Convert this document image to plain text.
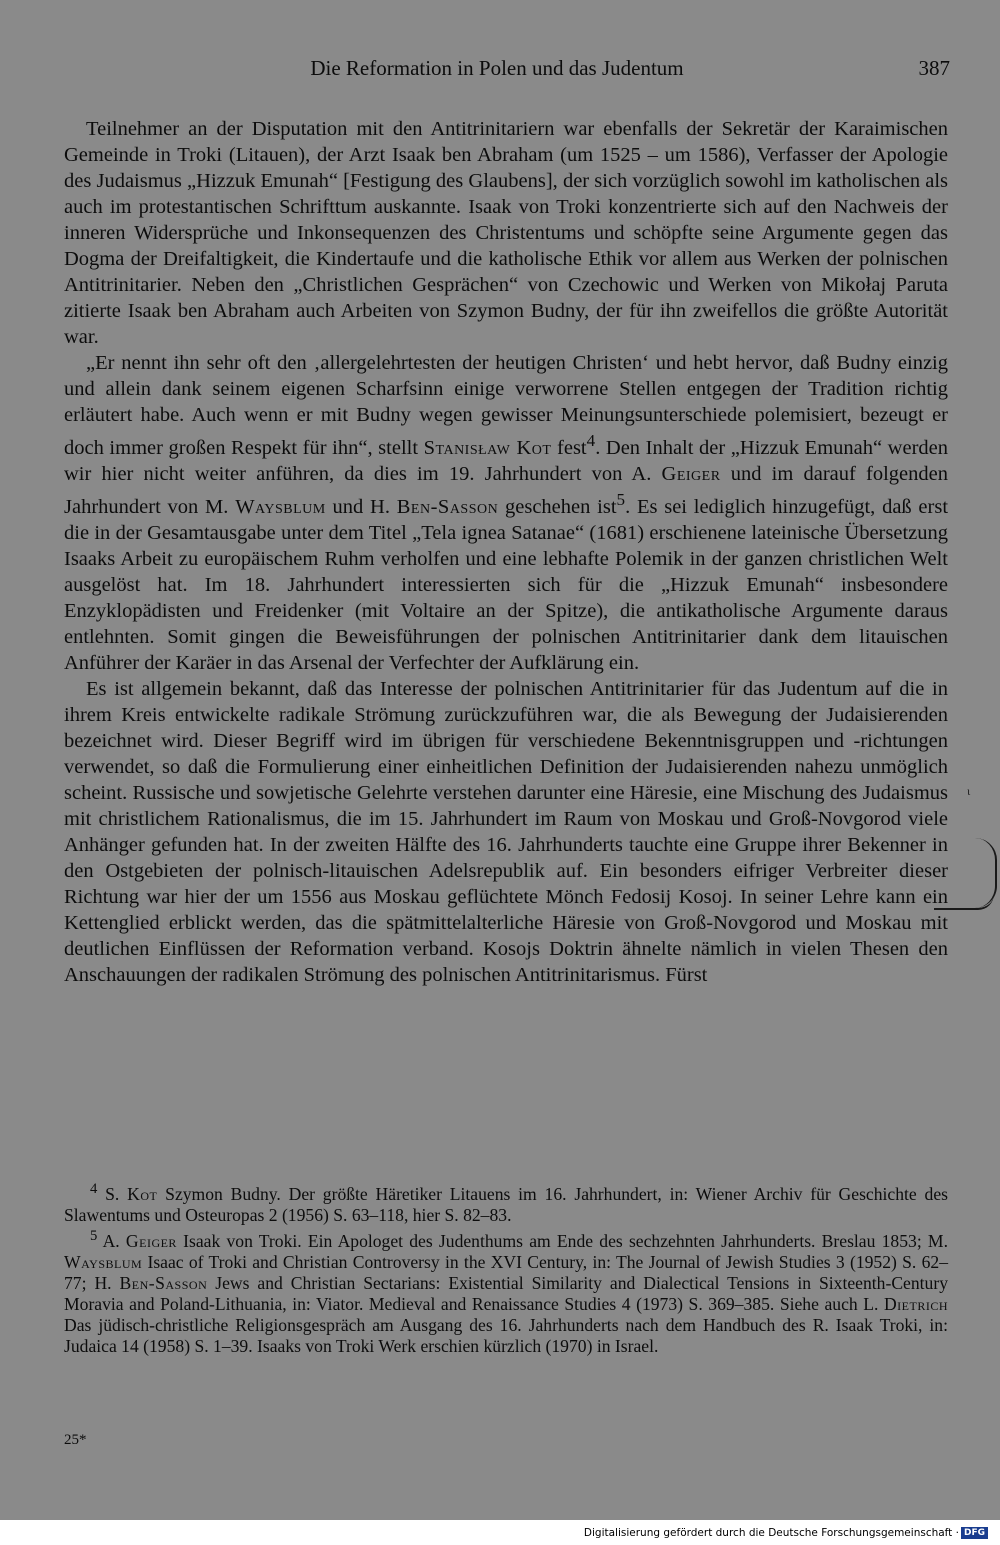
Die Reformation in Polen und das Judentum	387

Teilnehmer an der Disputation mit den Antitrinitariern war ebenfalls der Sekretär der Karaimischen Gemeinde in Troki (Litauen), der Arzt Isaak ben Abraham (um 1525 – um 1586), Verfasser der Apologie des Judaismus „Hizzuk Emunah“ [Festigung des Glaubens], der sich vorzüglich sowohl im katholischen als auch im protestantischen Schrifttum auskannte. Isaak von Troki konzentrierte sich auf den Nachweis der inneren Widersprüche und Inkonsequenzen des Christentums und schöpfte seine Argumente gegen das Dogma der Dreifaltigkeit, die Kindertaufe und die katholische Ethik vor allem aus Werken der polnischen Antitrinitarier. Neben den „Christlichen Gesprächen“ von Czechowic und Werken von Mikołaj Paruta zitierte Isaak ben Abraham auch Arbeiten von Szymon Budny, der für ihn zweifellos die größte Autorität war.

„Er nennt ihn sehr oft den ‚allergelehrtesten der heutigen Christen‘ und hebt hervor, daß Budny einzig und allein dank seinem eigenen Scharfsinn einige verworrene Stellen entgegen der Tradition richtig erläutert habe. Auch wenn er mit Budny wegen gewisser Meinungsunterschiede polemisiert, bezeugt er doch immer großen Respekt für ihn“, stellt Stanisław Kot fest$^4$. Den Inhalt der „Hizzuk Emunah“ werden wir hier nicht weiter anführen, da dies im 19. Jahrhundert von A. Geiger und im darauf folgenden Jahrhundert von M. Waysblum und H. Ben-Sasson geschehen ist$^5$. Es sei lediglich hinzugefügt, daß erst die in der Gesamtausgabe unter dem Titel „Tela ignea Satanae“ (1681) erschienene lateinische Übersetzung Isaaks Arbeit zu europäischem Ruhm verholfen und eine lebhafte Polemik in der ganzen christlichen Welt ausgelöst hat. Im 18. Jahrhundert interessierten sich für die „Hizzuk Emunah“ insbesondere Enzyklopädisten und Freidenker (mit Voltaire an der Spitze), die antikatholische Argumente daraus entlehnten. Somit gingen die Beweisführungen der polnischen Antitrinitarier dank dem litauischen Anführer der Karäer in das Arsenal der Verfechter der Aufklärung ein.

Es ist allgemein bekannt, daß das Interesse der polnischen Antitrinitarier für das Judentum auf die in ihrem Kreis entwickelte radikale Strömung zurückzuführen war, die als Bewegung der Judaisierenden bezeichnet wird. Dieser Begriff wird im übrigen für verschiedene Bekenntnisgruppen und -richtungen verwendet, so daß die Formulierung einer einheitlichen Definition der Judaisierenden nahezu unmöglich scheint. Russische und sowjetische Gelehrte verstehen darunter eine Häresie, eine Mischung des Judaismus mit christlichem Rationalismus, die im 15. Jahrhundert im Raum von Moskau und Groß-Novgorod viele Anhänger gefunden hat. In der zweiten Hälfte des 16. Jahrhunderts tauchte eine Gruppe ihrer Bekenner in den Ostgebieten der polnisch-litauischen Adelsrepublik auf. Ein besonders eifriger Verbreiter dieser Richtung war hier der um 1556 aus Moskau geflüchtete Mönch Fedosij Kosoj. In seiner Lehre kann ein Kettenglied erblickt werden, das die spätmittelalterliche Häresie von Groß-Novgorod und Moskau mit deutlichen Einflüssen der Reformation verband. Kosojs Doktrin ähnelte nämlich in vielen Thesen den Anschauungen der radikalen Strömung des polnischen Antitrinitarismus. Fürst

ι

$^4$ S. Kot Szymon Budny. Der größte Häretiker Litauens im 16. Jahrhundert, in: Wiener Archiv für Geschichte des Slawentums und Osteuropas 2 (1956) S. 63–118, hier S. 82–83.

$^5$ A. Geiger Isaak von Troki. Ein Apologet des Judenthums am Ende des sechzehnten Jahrhunderts. Breslau 1853; M. Waysblum Isaac of Troki and Christian Controversy in the XVI Century, in: The Journal of Jewish Studies 3 (1952) S. 62–77; H. Ben-Sasson Jews and Christian Sectarians: Existential Similarity and Dialectical Tensions in Sixteenth-Century Moravia and Poland-Lithuania, in: Viator. Medieval and Renaissance Studies 4 (1973) S. 369–385. Siehe auch L. Dietrich Das jüdisch-christliche Religionsgespräch am Ausgang des 16. Jahrhunderts nach dem Handbuch des R. Isaak Troki, in: Judaica 14 (1958) S. 1–39. Isaaks von Troki Werk erschien kürzlich (1970) in Israel.

25*
Digitalisierung gefördert durch die Deutsche Forschungsgemeinschaft · DFG
